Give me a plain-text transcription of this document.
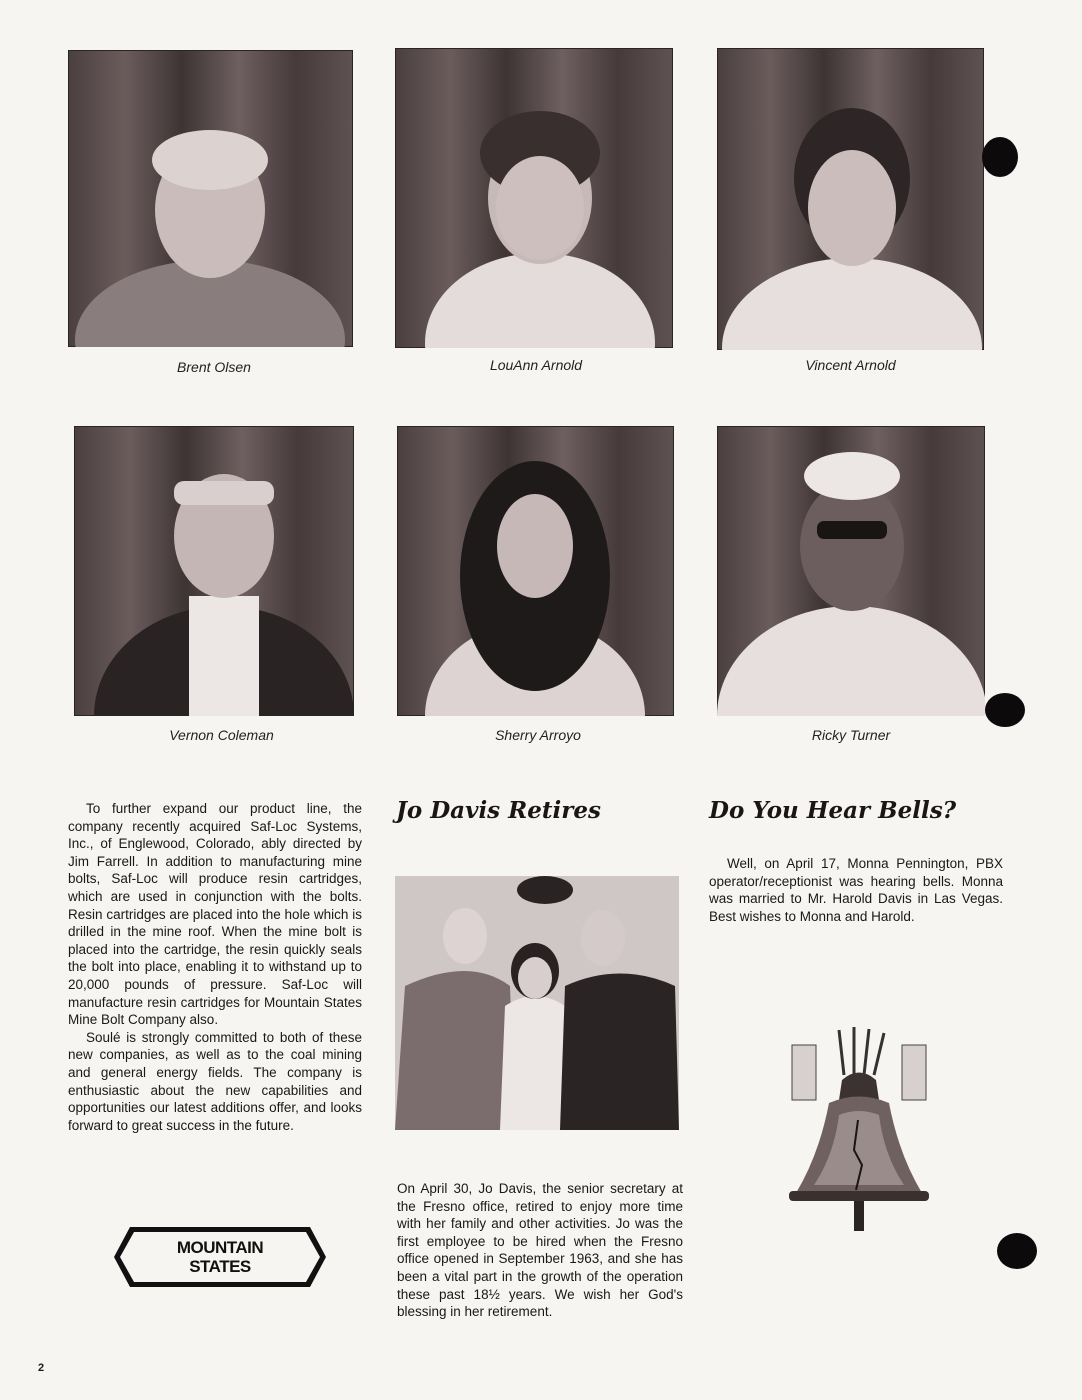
Brent Olsen	LouAnn Arnold	Vincent Arnold
Vernon Coleman	Sherry Arroyo	Ricky Turner

To further expand our product line, the company recently acquired Saf-Loc Systems, Inc., of Englewood, Colorado, ably directed by Jim Farrell. In addition to manufacturing mine bolts, Saf-Loc will produce resin cartridges, which are used in conjunction with the bolts. Resin cartridges are placed into the hole which is drilled in the mine roof. When the mine bolt is placed into the cartridge, the resin quickly seals the bolt into place, enabling it to withstand up to 20,000 pounds of pressure. Saf-Loc will manufacture resin cartridges for Mountain States Mine Bolt Company also.

Soulé is strongly committed to both of these new companies, as well as to the coal mining and general energy fields. The company is enthusiastic about the new capabilities and opportunities our latest additions offer, and looks forward to great success in the future.

MOUNTAIN
STATES
Jo Davis Retires
On April 30, Jo Davis, the senior secretary at the Fresno office, retired to enjoy more time with her family and other activities. Jo was the first employee to be hired when the Fresno office opened in September 1963, and she has been a vital part in the growth of the operation these past 18½ years. We wish her God's blessing in her retirement.
Do You Hear Bells?

Well, on April 17, Monna Pennington, PBX operator/receptionist was hearing bells. Monna was married to Mr. Harold Davis in Las Vegas. Best wishes to Monna and Harold.

2
